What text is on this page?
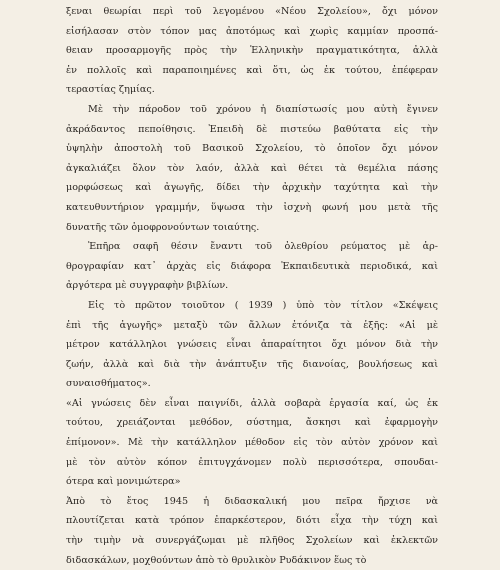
ξεναι θεωρίαι περὶ τοῦ λεγομένου «Νέου Σχολείου», ὄχι μόνον
εἰσήλασαν στὸν τόπον μας ἀποτόμως καὶ χωρὶς καμμίαν προσπά-
θειαν προσαρμογῆς πρὸς τὴν Ἑλληνικὴν πραγματικότητα, ἀλλὰ
ἐν πολλοῖς καὶ παραποιημένες καὶ ὅτι, ὡς ἐκ τούτου, ἐπέφεραν
τεραστίας ζημίας.
Μὲ τὴν πάροδον τοῦ χρόνου ἡ διαπίστωσίς μου αὐτὴ ἔγινεν
ἀκράδαντος πεποίθησις. Ἐπειδὴ δὲ πιστεύω βαθύτατα εἰς τὴν
ὑψηλὴν ἀποστολὴ τοῦ Βασικοῦ Σχολείου, τὸ ὁποῖον ὄχι μόνον
ἀγκαλιάζει ὅλον τὸν λαόν, ἀλλὰ καὶ θέτει τὰ θεμέλια πάσης
μορφώσεως καὶ ἀγωγῆς, δίδει τὴν ἀρχικὴν ταχύτητα καὶ τὴν
κατευθυντήριον γραμμήν, ὕψωσα τὴν ἰσχνὴ φωνή μου μετὰ τῆς
δυνατῆς τῶν ὁμοφρονούντων τοιαύτης.
Ἐπῆρα σαφῆ θέσιν ἔναντι τοῦ ὀλεθρίου ρεύματος μὲ ἀρ-
θρογραφίαν κατ᾽ ἀρχὰς εἰς διάφορα Ἐκπαιδευτικὰ περιοδικά, καὶ
ἀργότερα μὲ συγγραφὴν βιβλίων.
Εἰς τὸ πρῶτον τοιοῦτον ( 1939 ) ὑπὸ τὸν τίτλον «Σκέψεις
ἐπὶ τῆς ἀγωγῆς» μεταξὺ τῶν ἄλλων ἐτόνιζα τὰ ἑξῆς: «Αἱ μὲ
μέτρον κατάλληλοι γνώσεις εἶναι ἀπαραίτητοι ὄχι μόνον διὰ τὴν
ζωήν, ἀλλὰ καὶ διὰ τὴν ἀνάπτυξιν τῆς διανοίας, βουλήσεως καὶ
συναισθήματος».
«Αἱ γνώσεις δὲν εἶναι παιγνίδι, ἀλλὰ σοβαρὰ ἐργασία καί, ὡς ἐκ
τούτου, χρειάζονται μεθόδον, σύστημα, ἄσκησι καὶ ἐφαρμογὴν
ἐπίμονον». Μὲ τὴν κατάλληλον μέθοδον εἰς τὸν αὐτὸν χρόνον καὶ
μὲ τὸν αὐτὸν κόπον ἐπιτυγχάνομεν πολὺ περισσότερα, σπουδαι-
ότερα καὶ μονιμώτερα»
Ἀπὸ τὸ ἔτος 1945 ἡ διδασκαλική μου πεῖρα ἤρχισε νὰ
πλουτίζεται κατὰ τρόπον ἐπαρκέστερον, διότι εἶχα τὴν τύχη καὶ
τὴν τιμὴν νὰ συνεργάζωμαι μὲ πλῆθος Σχολείων καὶ ἐκλεκτῶν
διδασκάλων, μοχθούντων ἀπὸ τὸ θρυλικὸν Ρυδάκινον ἕως τὸ
